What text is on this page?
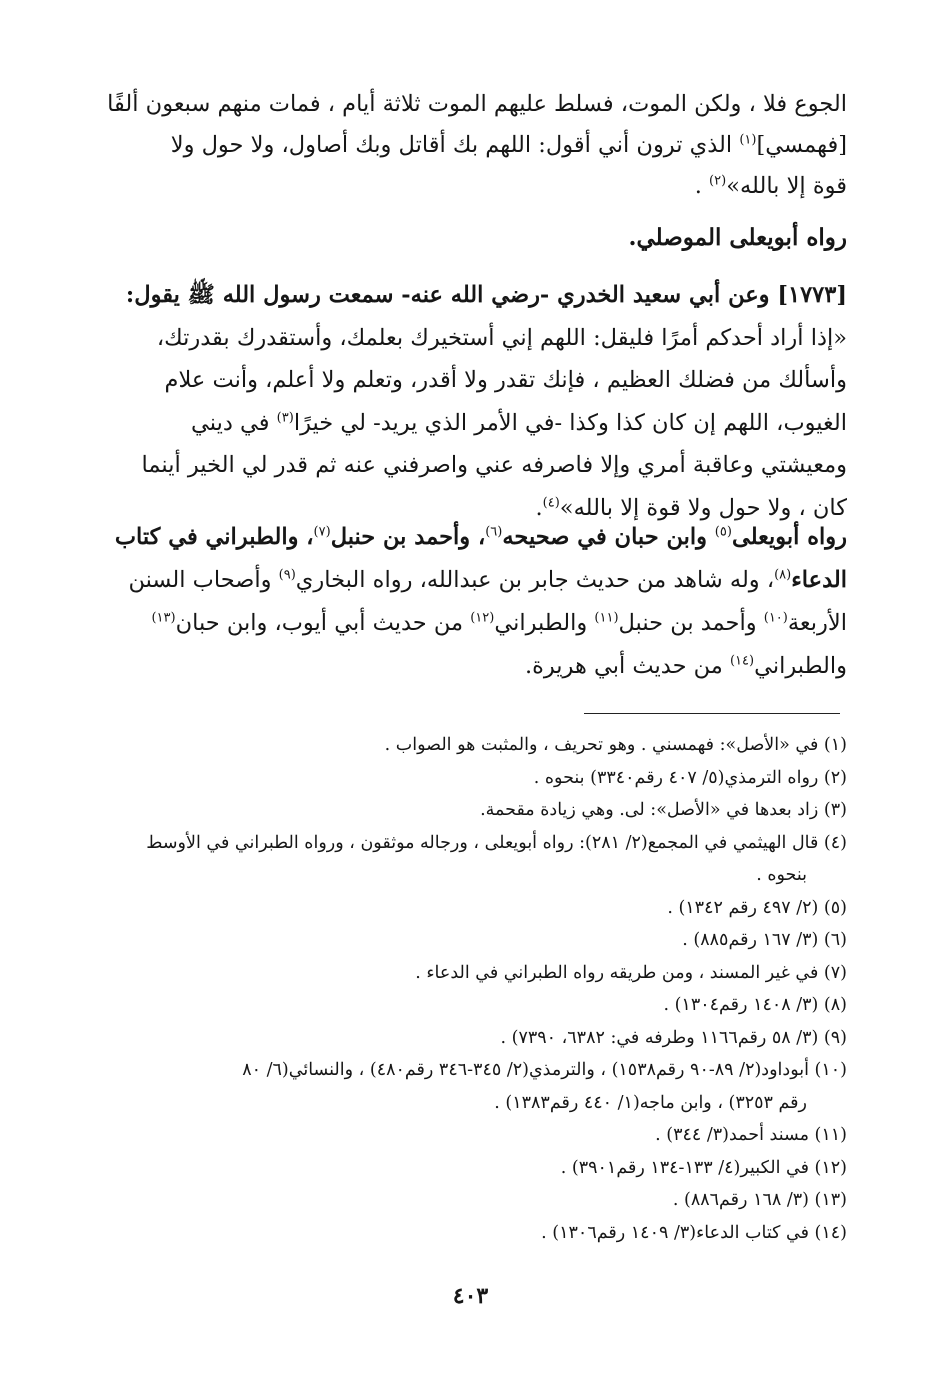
الجوع فلا ، ولكن الموت، فسلط عليهم الموت ثلاثة أيام ، فمات منهم سبعون ألفًا
[فهمسي]$^{(١)}$ الذي ترون أني أقول: اللهم بك أقاتل وبك أصاول، ولا حول ولا
قوة إلا بالله»$^{(٢)}$ .
رواه أبويعلى الموصلي.
[١٧٧٣] وعن أبي سعيد الخدري -رضي الله عنه- سمعت رسول الله ﷺ يقول:
«إذا أراد أحدكم أمرًا فليقل: اللهم إني أستخيرك بعلمك، وأستقدرك بقدرتك،
وأسألك من فضلك العظيم ، فإنك تقدر ولا أقدر، وتعلم ولا أعلم، وأنت علام
الغيوب، اللهم إن كان كذا وكذا -في الأمر الذي يريد- لي خيرًا$^{(٣)}$ في ديني
ومعيشتي وعاقبة أمري وإلا فاصرفه عني واصرفني عنه ثم قدر لي الخير أينما
كان ، ولا حول ولا قوة إلا بالله»$^{(٤)}$.
رواه أبويعلى$^{(٥)}$ وابن حبان في صحيحه$^{(٦)}$، وأحمد بن حنبل$^{(٧)}$، والطبراني في كتاب
الدعاء$^{(٨)}$، وله شاهد من حديث جابر بن عبدالله، رواه البخاري$^{(٩)}$ وأصحاب السنن
الأربعة$^{(١٠)}$ وأحمد بن حنبل$^{(١١)}$ والطبراني$^{(١٢)}$ من حديث أبي أيوب، وابن حبان$^{(١٣)}$
والطبراني$^{(١٤)}$ من حديث أبي هريرة.
(١) في «الأصل»: فهمسني . وهو تحريف ، والمثبت هو الصواب .
(٢) رواه الترمذي(٥/ ٤٠٧ رقم٣٣٤٠) بنحوه .
(٣) زاد بعدها في «الأصل»: لى. وهي زيادة مقحمة.
(٤) قال الهيثمي في المجمع(٢/ ٢٨١): رواه أبويعلى ، ورجاله موثقون ، ورواه الطبراني في الأوسط
بنحوه .
(٥) (٢/ ٤٩٧ رقم ١٣٤٢) .
(٦) (٣/ ١٦٧ رقم٨٨٥) .
(٧) في غير المسند ، ومن طريقه رواه الطبراني في الدعاء .
(٨) (٣/ ١٤٠٨ رقم١٣٠٤) .
(٩) (٣/ ٥٨ رقم١١٦٦ وطرفه في: ٦٣٨٢، ٧٣٩٠) .
(١٠) أبوداود(٢/ ٨٩-٩٠ رقم١٥٣٨) ، والترمذي(٢/ ٣٤٥-٣٤٦ رقم٤٨٠) ، والنسائي(٦/ ٨٠
رقم ٣٢٥٣) ، وابن ماجه(١/ ٤٤٠ رقم١٣٨٣) .
(١١) مسند أحمد(٣/ ٣٤٤) .
(١٢) في الكبير(٤/ ١٣٣-١٣٤ رقم٣٩٠١) .
(١٣) (٣/ ١٦٨ رقم٨٨٦) .
(١٤) في كتاب الدعاء(٣/ ١٤٠٩ رقم١٣٠٦) .
٤٠٣
